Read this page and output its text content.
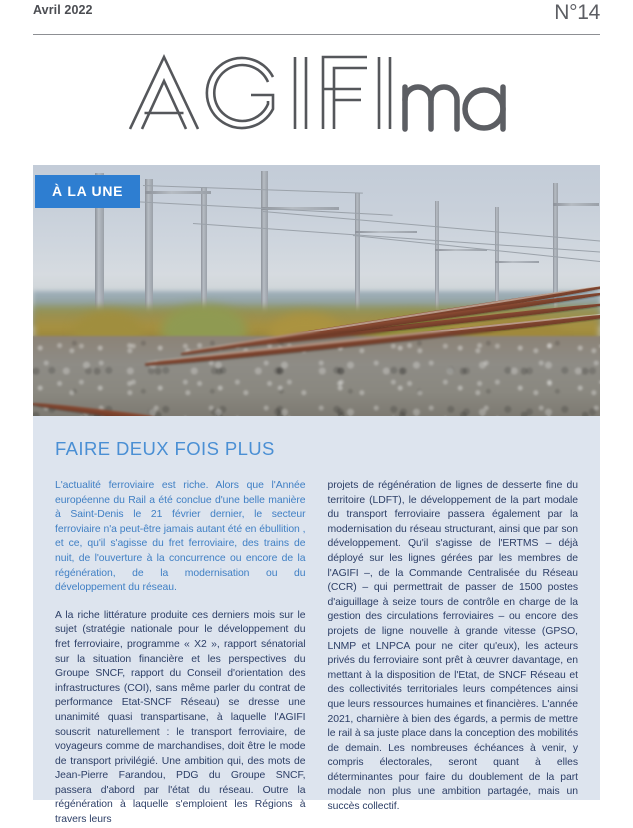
Avril 2022	N°14
À LA UNE
FAIRE DEUX FOIS PLUS

L'actualité ferroviaire est riche. Alors que l'Année européenne du Rail a été conclue d'une belle manière à Saint-Denis le 21 février dernier, le secteur ferroviaire n'a peut-être jamais autant été en ébullition , et ce, qu'il s'agisse du fret ferroviaire, des trains de nuit, de l'ouverture à la concurrence ou encore de la régénération, de la modernisation ou du développement du réseau.

A la riche littérature produite ces derniers mois sur le sujet (stratégie nationale pour le développement du fret ferroviaire, programme « X2 », rapport sénatorial sur la situation financière et les perspectives du Groupe SNCF, rapport du Conseil d'orientation des infrastructures (COI), sans même parler du contrat de performance Etat-SNCF Réseau) se dresse une unanimité quasi transpartisane, à laquelle l'AGIFI souscrit naturellement : le transport ferroviaire, de voyageurs comme de marchandises, doit être le mode de transport privilégié. Une ambition qui, des mots de Jean-Pierre Farandou, PDG du Groupe SNCF, passera d'abord par l'état du réseau. Outre la régénération à laquelle s'emploient les Régions à travers leurs

projets de régénération de lignes de desserte fine du territoire (LDFT), le développement de la part modale du transport ferroviaire passera également par la modernisation du réseau structurant, ainsi que par son développement. Qu'il s'agisse de l'ERTMS – déjà déployé sur les lignes gérées par les membres de l'AGIFI –, de la Commande Centralisée du Réseau (CCR) – qui permettrait de passer de 1500 postes d'aiguillage à seize tours de contrôle en charge de la gestion des circulations ferroviaires – ou encore des projets de ligne nouvelle à grande vitesse (GPSO, LNMP et LNPCA pour ne citer qu'eux), les acteurs privés du ferroviaire sont prêt à œuvrer davantage, en mettant à la disposition de l'Etat, de SNCF Réseau et des collectivités territoriales leurs compétences ainsi que leurs ressources humaines et financières. L'année 2021, charnière à bien des égards, a permis de mettre le rail à sa juste place dans la conception des mobilités de demain. Les nombreuses échéances à venir, y compris électorales, seront quant à elles déterminantes pour faire du doublement de la part modale non plus une ambition partagée, mais un succès collectif.
